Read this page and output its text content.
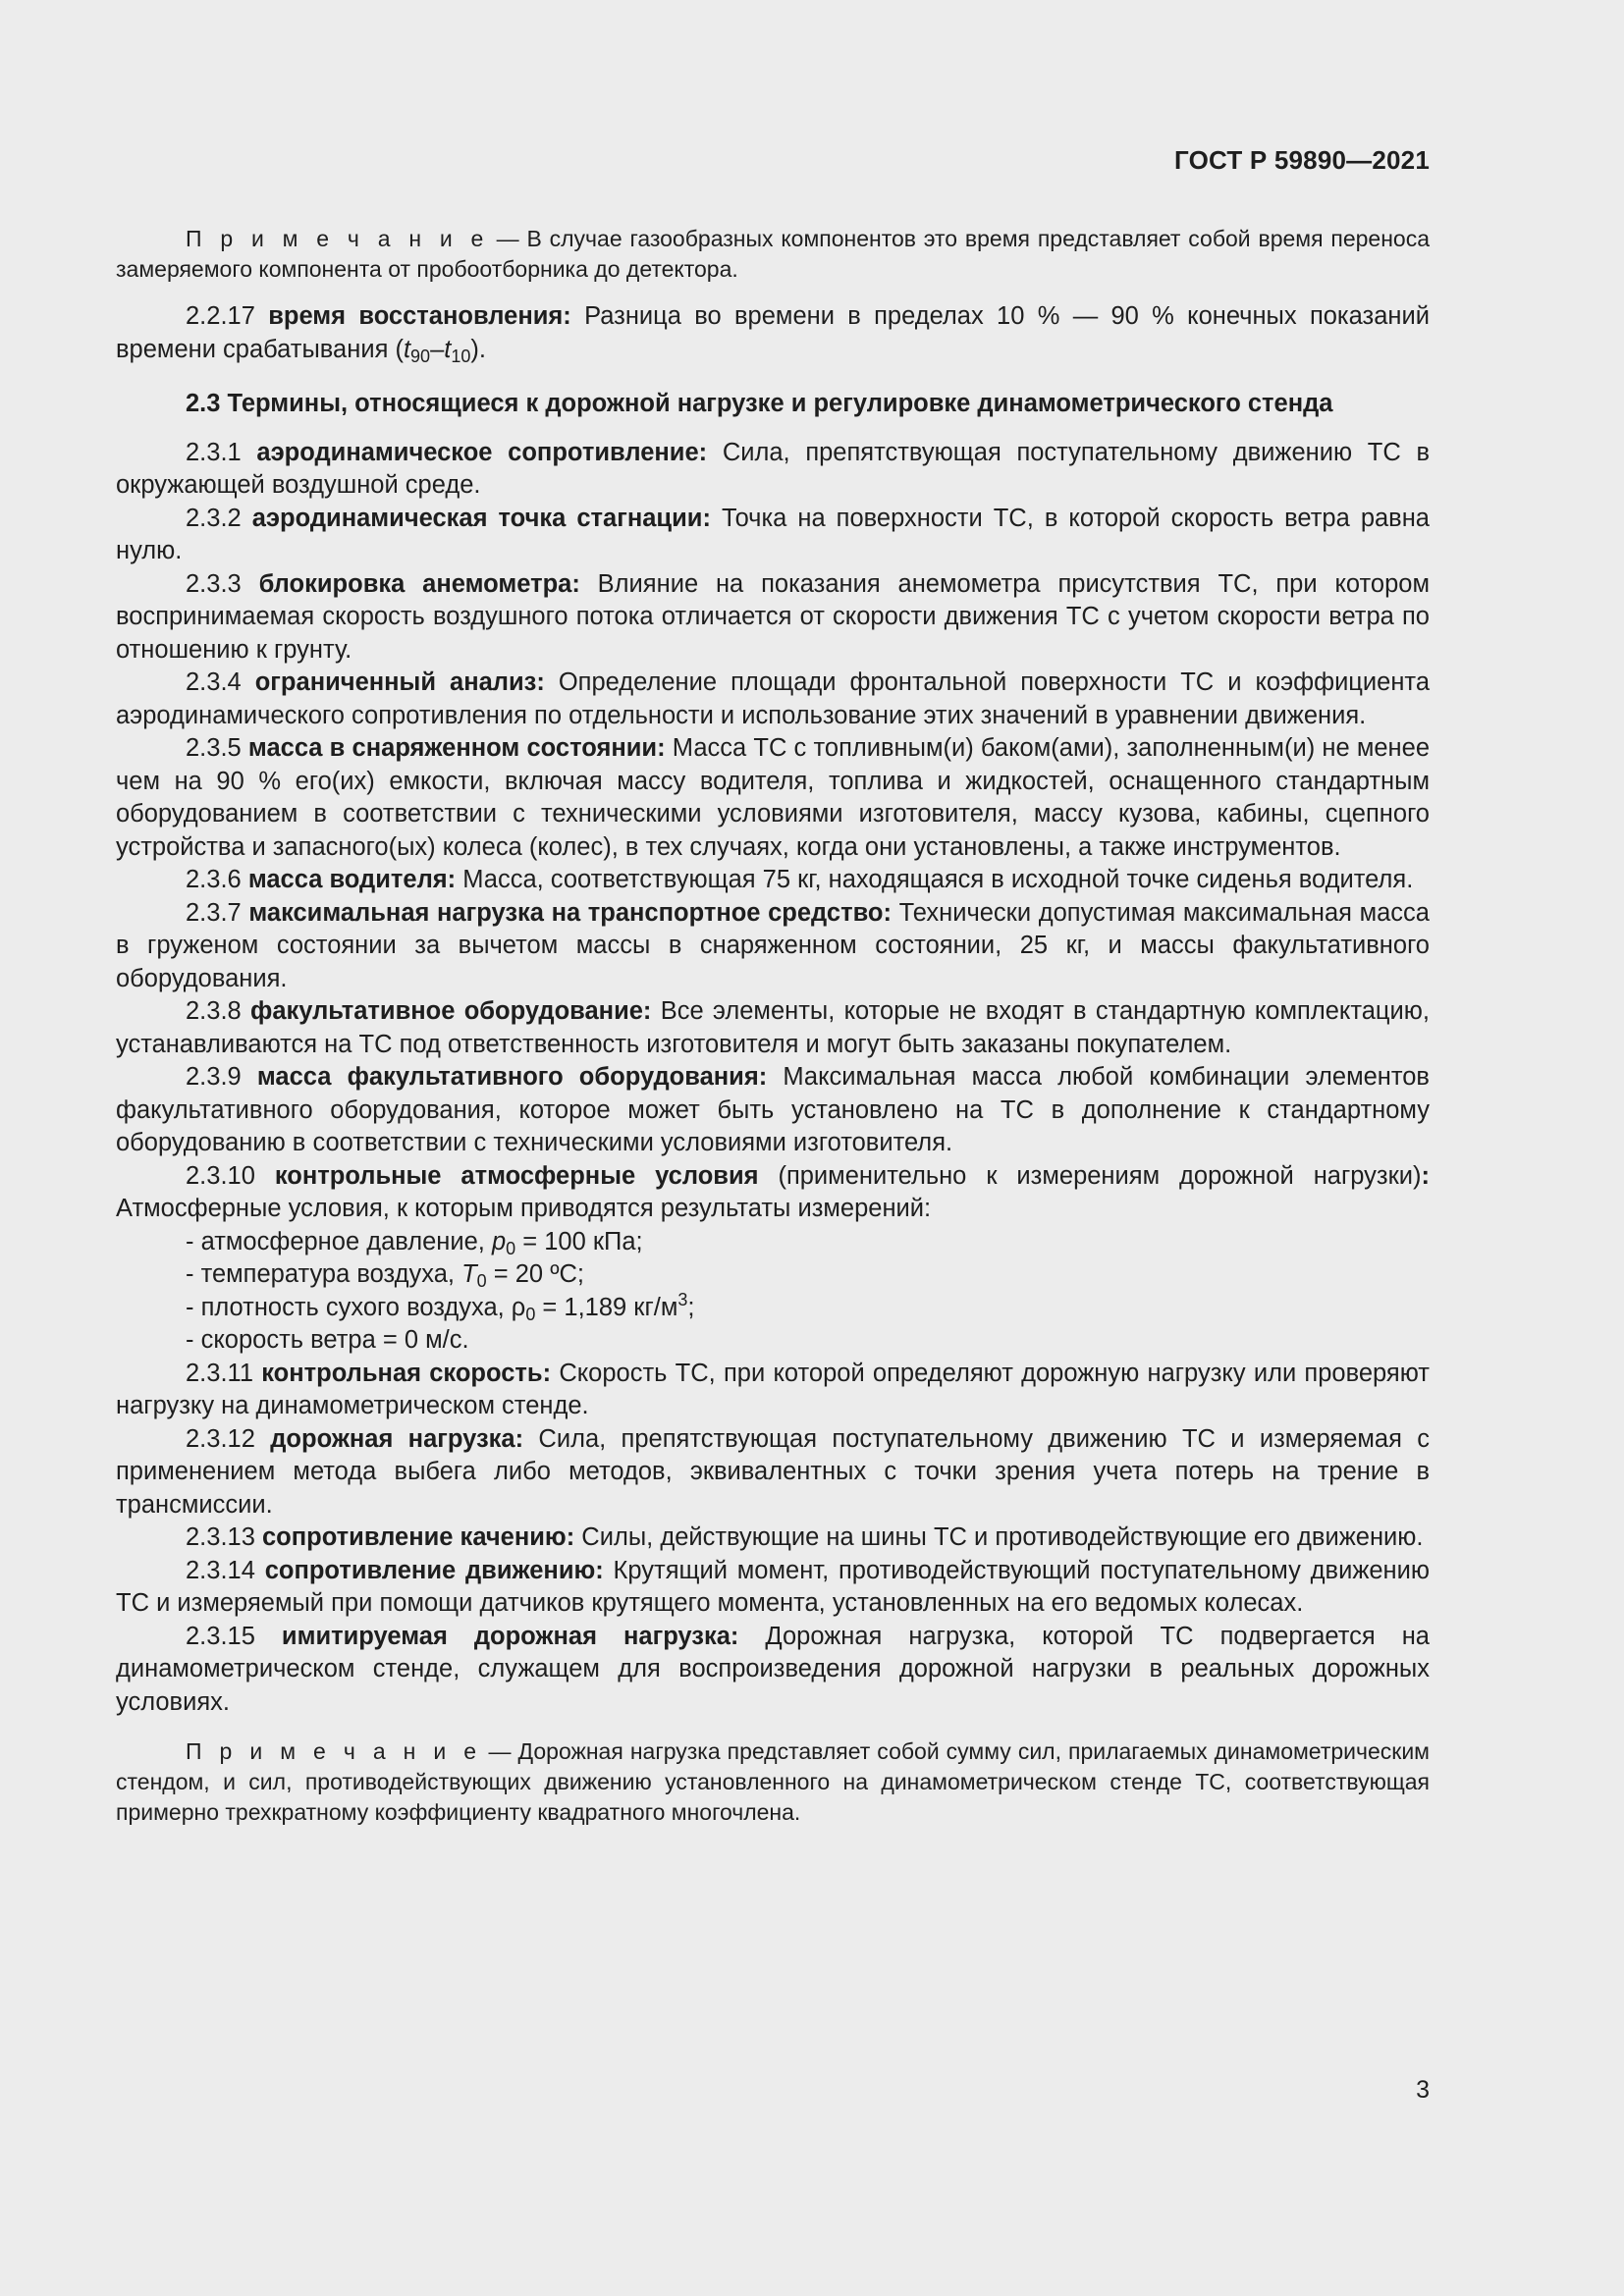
ГОСТ Р 59890—2021

П р и м е ч а н и е — В случае газообразных компонентов это время представляет собой время переноса замеряемого компонента от пробоотборника до детектора.

2.2.17 время восстановления: Разница во времени в пределах 10 % — 90 % конечных показаний времени срабатывания $(t_{90}-t_{10})$.

2.3 Термины, относящиеся к дорожной нагрузке и регулировке динамометрического стенда

2.3.1 аэродинамическое сопротивление: Сила, препятствующая поступательному движению ТС в окружающей воздушной среде.

2.3.2 аэродинамическая точка стагнации: Точка на поверхности ТС, в которой скорость ветра равна нулю.

2.3.3 блокировка анемометра: Влияние на показания анемометра присутствия ТС, при котором воспринимаемая скорость воздушного потока отличается от скорости движения ТС с учетом скорости ветра по отношению к грунту.

2.3.4 ограниченный анализ: Определение площади фронтальной поверхности ТС и коэффициента аэродинамического сопротивления по отдельности и использование этих значений в уравнении движения.

2.3.5 масса в снаряженном состоянии: Масса ТС с топливным(и) баком(ами), заполненным(и) не менее чем на 90 % его(их) емкости, включая массу водителя, топлива и жидкостей, оснащенного стандартным оборудованием в соответствии с техническими условиями изготовителя, массу кузова, кабины, сцепного устройства и запасного(ых) колеса (колес), в тех случаях, когда они установлены, а также инструментов.

2.3.6 масса водителя: Масса, соответствующая 75 кг, находящаяся в исходной точке сиденья водителя.

2.3.7 максимальная нагрузка на транспортное средство: Технически допустимая максимальная масса в груженом состоянии за вычетом массы в снаряженном состоянии, 25 кг, и массы факультативного оборудования.

2.3.8 факультативное оборудование: Все элементы, которые не входят в стандартную комплектацию, устанавливаются на ТС под ответственность изготовителя и могут быть заказаны покупателем.

2.3.9 масса факультативного оборудования: Максимальная масса любой комбинации элементов факультативного оборудования, которое может быть установлено на ТС в дополнение к стандартному оборудованию в соответствии с техническими условиями изготовителя.

2.3.10 контрольные атмосферные условия (применительно к измерениям дорожной нагрузки): Атмосферные условия, к которым приводятся результаты измерений:

- атмосферное давление, $p_0 = 100$ кПа;

- температура воздуха, $T_0 = 20$ ºС;

- плотность сухого воздуха, $\rho_0 = 1,189$ $кг/м^3$;

- скорость ветра = 0 м/с.

2.3.11 контрольная скорость: Скорость ТС, при которой определяют дорожную нагрузку или проверяют нагрузку на динамометрическом стенде.

2.3.12 дорожная нагрузка: Сила, препятствующая поступательному движению ТС и измеряемая с применением метода выбега либо методов, эквивалентных с точки зрения учета потерь на трение в трансмиссии.

2.3.13 сопротивление качению: Силы, действующие на шины ТС и противодействующие его движению.

2.3.14 сопротивление движению: Крутящий момент, противодействующий поступательному движению ТС и измеряемый при помощи датчиков крутящего момента, установленных на его ведомых колесах.

2.3.15 имитируемая дорожная нагрузка: Дорожная нагрузка, которой ТС подвергается на динамометрическом стенде, служащем для воспроизведения дорожной нагрузки в реальных дорожных условиях.

П р и м е ч а н и е — Дорожная нагрузка представляет собой сумму сил, прилагаемых динамометрическим стендом, и сил, противодействующих движению установленного на динамометрическом стенде ТС, соответствующая примерно трехкратному коэффициенту квадратного многочлена.

3
